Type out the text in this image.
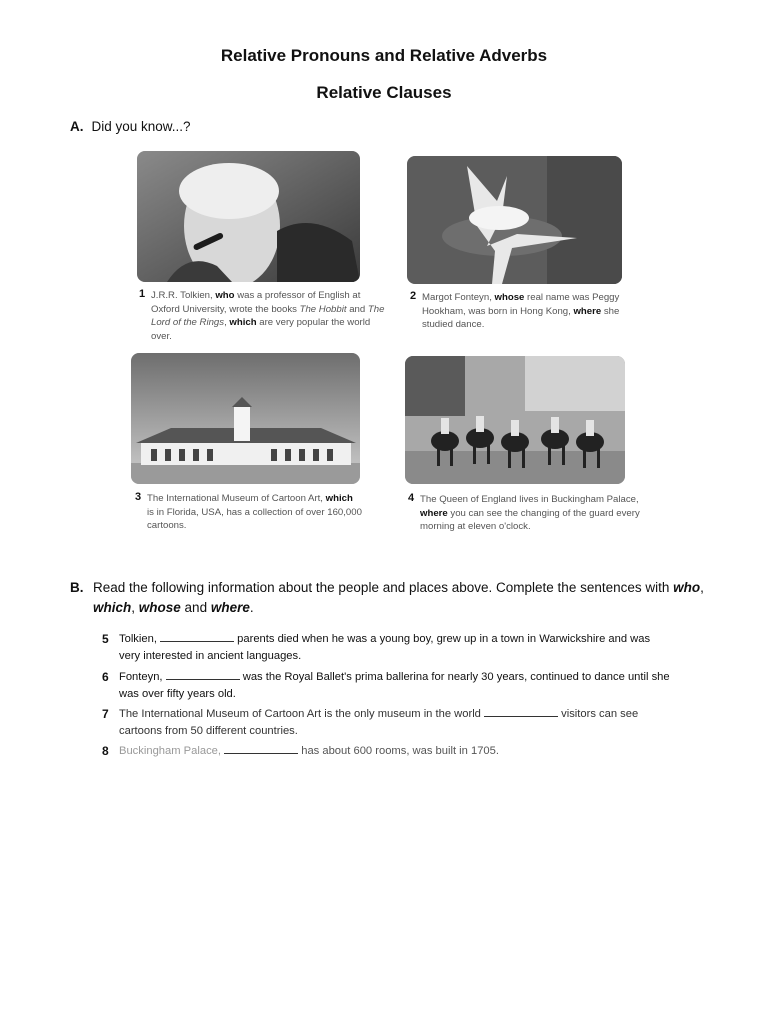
Relative Pronouns and Relative Adverbs
Relative Clauses
A. Did you know...?
1 J.R.R. Tolkien, who was a professor of English at Oxford University, wrote the books The Hobbit and The Lord of the Rings, which are very popular the world over.
2 Margot Fonteyn, whose real name was Peggy Hookham, was born in Hong Kong, where she studied dance.
3 The International Museum of Cartoon Art, which is in Florida, USA, has a collection of over 160,000 cartoons.
4 The Queen of England lives in Buckingham Palace, where you can see the changing of the guard every morning at eleven o'clock.
B. Read the following information about the people and places above. Complete the sentences with who, which, whose and where.
5 Tolkien,	parents died when he was a young boy, grew up in a town in Warwickshire and was very interested in ancient languages.
6 Fonteyn,	was the Royal Ballet's prima ballerina for nearly 30 years, continued to dance until she was over fifty years old.
7 The International Museum of Cartoon Art is the only museum in the world	visitors can see cartoons from 50 different countries.
8 Buckingham Palace,	has about 600 rooms, was built in 1705.
